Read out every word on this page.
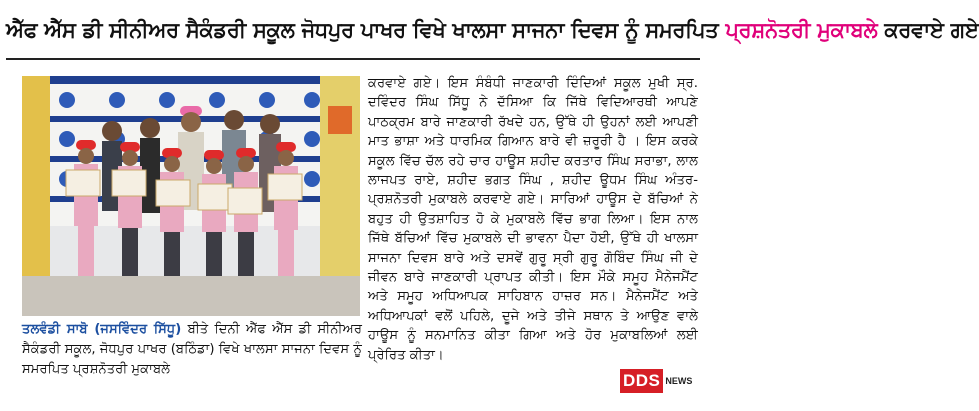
ਐੱਫ ਐੱਸ ਡੀ ਸੀਨੀਅਰ ਸੈਕੰਡਰੀ ਸਕੂਲ ਜੋਧਪੁਰ ਪਾਖਰ ਵਿਖੇ ਖਾਲਸਾ ਸਾਜਨਾ ਦਿਵਸ ਨੂੰ ਸਮਰਪਿਤ ਪ੍ਰਸ਼ਨੋਤਰੀ ਮੁਕਾਬਲੇ ਕਰਵਾਏ ਗਏ

ਕਰਵਾਏ ਗਏ। ਇਸ ਸੰਬੰਧੀ ਜਾਣਕਾਰੀ ਦਿੰਦਿਆਂ ਸਕੂਲ ਮੁਖੀ ਸ੍ਰ. ਦਵਿੰਦਰ ਸਿੰਘ ਸਿੱਧੂ ਨੇ ਦੱਸਿਆ ਕਿ ਜਿੱਥੇ ਵਿਦਿਆਰਥੀ ਆਪਣੇ ਪਾਠਕ੍ਰਮ ਬਾਰੇ ਜਾਣਕਾਰੀ ਰੱਖਦੇ ਹਨ, ਉੱਥੇ ਹੀ ਉਹਨਾਂ ਲਈ ਆਪਣੀ ਮਾਤ ਭਾਸ਼ਾ ਅਤੇ ਧਾਰਮਿਕ ਗਿਆਨ ਬਾਰੇ ਵੀ ਜ਼ਰੂਰੀ ਹੈ । ਇਸ ਕਰਕੇ ਸਕੂਲ ਵਿੱਚ ਚੱਲ ਰਹੇ ਚਾਰ ਹਾਊਸ ਸ਼ਹੀਦ ਕਰਤਾਰ ਸਿੰਘ ਸਰਾਭਾ, ਲਾਲ ਲਾਜਪਤ ਰਾਏ, ਸ਼ਹੀਦ ਭਗਤ ਸਿੰਘ , ਸ਼ਹੀਦ ਊਧਮ ਸਿੰਘ ਅੰਤਰ-ਪ੍ਰਸ਼ਨੋਤਰੀ ਮੁਕਾਬਲੇ ਕਰਵਾਏ ਗਏ। ਸਾਰਿਆਂ ਹਾਊਸ ਦੇ ਬੱਚਿਆਂ ਨੇ ਬਹੁਤ ਹੀ ਉਤਸ਼ਾਹਿਤ ਹੋ ਕੇ ਮੁਕਾਬਲੇ ਵਿੱਚ ਭਾਗ ਲਿਆ। ਇਸ ਨਾਲ ਜਿੱਥੇ ਬੱਚਿਆਂ ਵਿੱਚ ਮੁਕਾਬਲੇ ਦੀ ਭਾਵਨਾ ਪੈਦਾ ਹੋਈ, ਉੱਥੇ ਹੀ ਖਾਲਸਾ ਸਾਜਨਾ ਦਿਵਸ ਬਾਰੇ ਅਤੇ ਦਸਵੇਂ ਗੁਰੂ ਸ੍ਰੀ ਗੁਰੂ ਗੋਬਿੰਦ ਸਿੰਘ ਜੀ ਦੇ ਜੀਵਨ ਬਾਰੇ ਜਾਣਕਾਰੀ ਪ੍ਰਾਪਤ ਕੀਤੀ। ਇਸ ਮੌਕੇ ਸਮੂਹ ਮੈਨੇਜਮੈਂਟ ਅਤੇ ਸਮੂਹ ਅਧਿਆਪਕ ਸਾਹਿਬਾਨ ਹਾਜ਼ਰ ਸਨ। ਮੈਨੇਜਮੈਂਟ ਅਤੇ ਅਧਿਆਪਕਾਂ ਵਲੋਂ ਪਹਿਲੇ, ਦੂਜੇ ਅਤੇ ਤੀਜੇ ਸਥਾਨ ਤੇ ਆਉਣ ਵਾਲੇ ਹਾਊਸ ਨੂੰ ਸਨਮਾਨਿਤ ਕੀਤਾ ਗਿਆ ਅਤੇ ਹੋਰ ਮੁਕਾਬਲਿਆਂ ਲਈ ਪ੍ਰੇਰਿਤ ਕੀਤਾ।

ਤਲਵੰਡੀ ਸਾਬੋ (ਜਸਵਿੰਦਰ ਸਿੱਧੂ) ਬੀਤੇ ਦਿਨੀ ਐੱਫ ਐੱਸ ਡੀ ਸੀਨੀਅਰ ਸੈਕੰਡਰੀ ਸਕੂਲ, ਜੋਧਪੁਰ ਪਾਖਰ (ਬਠਿੰਡਾ) ਵਿਖੇ ਖਾਲਸਾ ਸਾਜਨਾ ਦਿਵਸ ਨੂੰ ਸਮਰਪਿਤ ਪ੍ਰਸ਼ਨੋਤਰੀ ਮੁਕਾਬਲੇ
DDS NEWS
